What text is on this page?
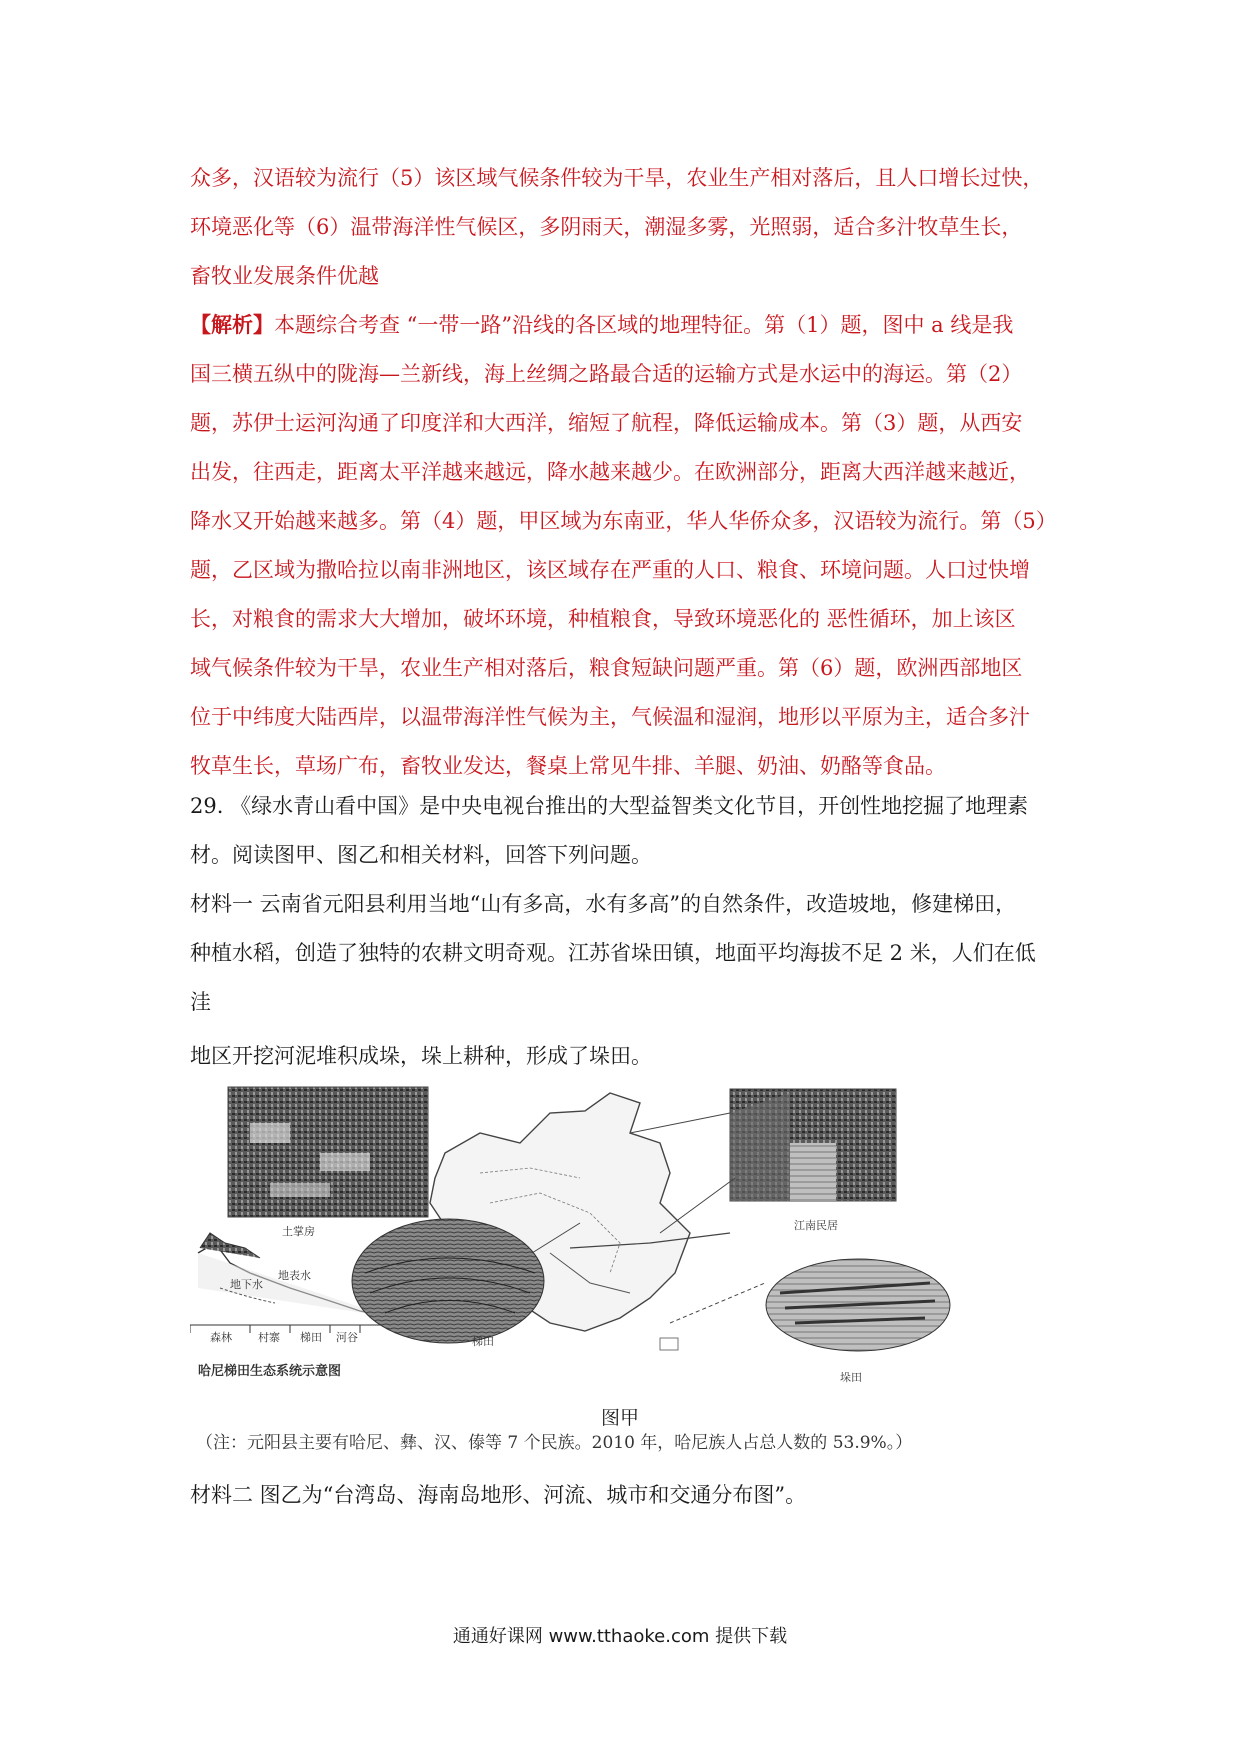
众多，汉语较为流行（5）该区域气候条件较为干旱，农业生产相对落后，且人口增长过快，
环境恶化等（6）温带海洋性气候区，多阴雨天，潮湿多雾，光照弱，适合多汁牧草生长，
畜牧业发展条件优越
【解析】本题综合考查 “一带一路”沿线的各区域的地理特征。第（1）题，图中 a 线是我
国三横五纵中的陇海—兰新线，海上丝绸之路最合适的运输方式是水运中的海运。第（2）
题，苏伊士运河沟通了印度洋和大西洋，缩短了航程，降低运输成本。第（3）题，从西安
出发，往西走，距离太平洋越来越远，降水越来越少。在欧洲部分，距离大西洋越来越近，
降水又开始越来越多。第（4）题，甲区域为东南亚，华人华侨众多，汉语较为流行。第（5）
题，乙区域为撒哈拉以南非洲地区，该区域存在严重的人口、粮食、环境问题。人口过快增
长，对粮食的需求大大增加，破坏环境，种植粮食，导致环境恶化的 恶性循环，加上该区
域气候条件较为干旱，农业生产相对落后，粮食短缺问题严重。第（6）题，欧洲西部地区
位于中纬度大陆西岸，以温带海洋性气候为主，气候温和湿润，地形以平原为主，适合多汁
牧草生长，草场广布，畜牧业发达，餐桌上常见牛排、羊腿、奶油、奶酪等食品。
29. 《绿水青山看中国》是中央电视台推出的大型益智类文化节目，开创性地挖掘了地理素
材。阅读图甲、图乙和相关材料，回答下列问题。
材料一 云南省元阳县利用当地“山有多高，水有多高”的自然条件，改造坡地，修建梯田，
种植水稻，创造了独特的农耕文明奇观。江苏省垛田镇，地面平均海拔不足 2 米，人们在低
洼
地区开挖河泥堆积成垛，垛上耕种，形成了垛田。
土掌房	江南民居
地下水
地表水
森林 村寨 梯田 河谷
哈尼梯田生态系统示意图
梯田
垛田
图甲
（注：元阳县主要有哈尼、彝、汉、傣等 7 个民族。2010 年，哈尼族人占总人数的 53.9%。）
材料二 图乙为“台湾岛、海南岛地形、河流、城市和交通分布图”。
通通好课网 www.tthaoke.com 提供下载
